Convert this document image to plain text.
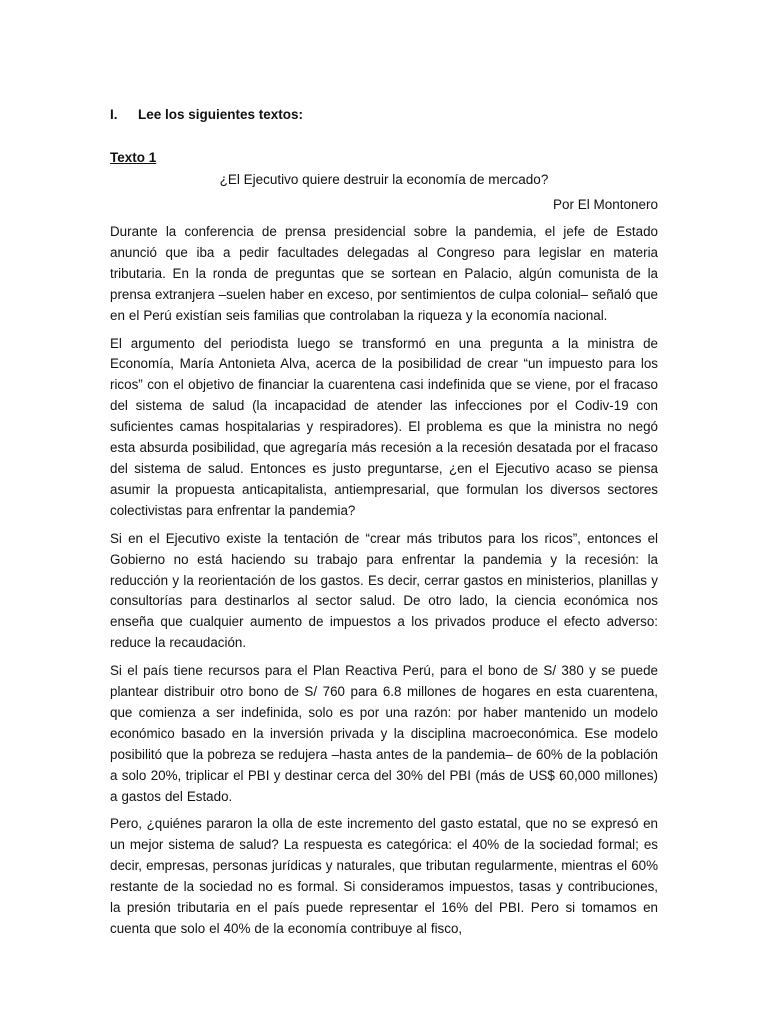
I. Lee los siguientes textos:
Texto 1
¿El Ejecutivo quiere destruir la economía de mercado?
Por El Montonero

Durante la conferencia de prensa presidencial sobre la pandemia, el jefe de Estado anunció que iba a pedir facultades delegadas al Congreso para legislar en materia tributaria. En la ronda de preguntas que se sortean en Palacio, algún comunista de la prensa extranjera –suelen haber en exceso, por sentimientos de culpa colonial– señaló que en el Perú existían seis familias que controlaban la riqueza y la economía nacional.

El argumento del periodista luego se transformó en una pregunta a la ministra de Economía, María Antonieta Alva, acerca de la posibilidad de crear “un impuesto para los ricos” con el objetivo de financiar la cuarentena casi indefinida que se viene, por el fracaso del sistema de salud (la incapacidad de atender las infecciones por el Codiv-19 con suficientes camas hospitalarias y respiradores). El problema es que la ministra no negó esta absurda posibilidad, que agregaría más recesión a la recesión desatada por el fracaso del sistema de salud. Entonces es justo preguntarse, ¿en el Ejecutivo acaso se piensa asumir la propuesta anticapitalista, antiempresarial, que formulan los diversos sectores colectivistas para enfrentar la pandemia?

Si en el Ejecutivo existe la tentación de “crear más tributos para los ricos”, entonces el Gobierno no está haciendo su trabajo para enfrentar la pandemia y la recesión: la reducción y la reorientación de los gastos. Es decir, cerrar gastos en ministerios, planillas y consultorías para destinarlos al sector salud. De otro lado, la ciencia económica nos enseña que cualquier aumento de impuestos a los privados produce el efecto adverso: reduce la recaudación.

Si el país tiene recursos para el Plan Reactiva Perú, para el bono de S/ 380 y se puede plantear distribuir otro bono de S/ 760 para 6.8 millones de hogares en esta cuarentena, que comienza a ser indefinida, solo es por una razón: por haber mantenido un modelo económico basado en la inversión privada y la disciplina macroeconómica. Ese modelo posibilitó que la pobreza se redujera –hasta antes de la pandemia– de 60% de la población a solo 20%, triplicar el PBI y destinar cerca del 30% del PBI (más de US$ 60,000 millones) a gastos del Estado.

Pero, ¿quiénes pararon la olla de este incremento del gasto estatal, que no se expresó en un mejor sistema de salud? La respuesta es categórica: el 40% de la sociedad formal; es decir, empresas, personas jurídicas y naturales, que tributan regularmente, mientras el 60% restante de la sociedad no es formal. Si consideramos impuestos, tasas y contribuciones, la presión tributaria en el país puede representar el 16% del PBI. Pero si tomamos en cuenta que solo el 40% de la economía contribuye al fisco,
